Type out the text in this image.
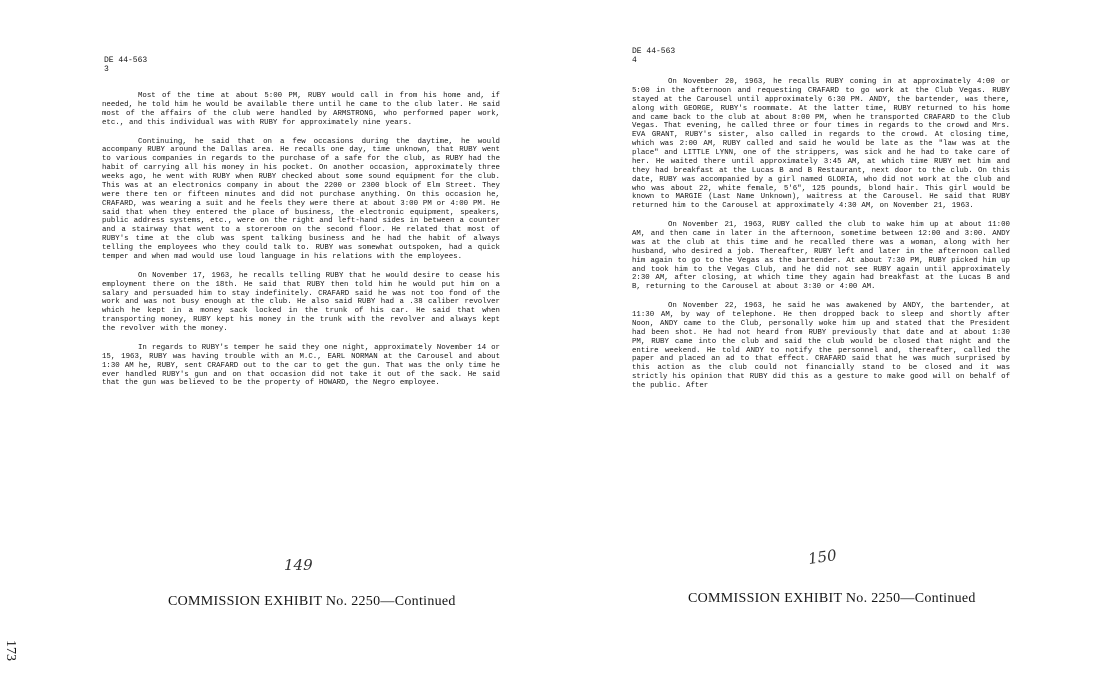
DE 44-563
3

Most of the time at about 5:00 PM, RUBY would call in from his home and, if needed, he told him he would be available there until he came to the club later. He said most of the affairs of the club were handled by ARMSTRONG, who performed paper work, etc., and this individual was with RUBY for approximately nine years.

Continuing, he said that on a few occasions during the daytime, he would accompany RUBY around the Dallas area. He recalls one day, time unknown, that RUBY went to various companies in regards to the purchase of a safe for the club, as RUBY had the habit of carrying all his money in his pocket. On another occasion, approximately three weeks ago, he went with RUBY when RUBY checked about some sound equipment for the club. This was at an electronics company in about the 2200 or 2300 block of Elm Street. They were there ten or fifteen minutes and did not purchase anything. On this occasion he, CRAFARD, was wearing a suit and he feels they were there at about 3:00 PM or 4:00 PM. He said that when they entered the place of business, the electronic equipment, speakers, public address systems, etc., were on the right and left-hand sides in between a counter and a stairway that went to a storeroom on the second floor. He related that most of RUBY's time at the club was spent talking business and he had the habit of always telling the employees who they could talk to. RUBY was somewhat outspoken, had a quick temper and when mad would use loud language in his relations with the employees.

On November 17, 1963, he recalls telling RUBY that he would desire to cease his employment there on the 18th. He said that RUBY then told him he would put him on a salary and persuaded him to stay indefinitely. CRAFARD said he was not too fond of the work and was not busy enough at the club. He also said RUBY had a .38 caliber revolver which he kept in a money sack locked in the trunk of his car. He said that when transporting money, RUBY kept his money in the trunk with the revolver and always kept the revolver with the money.

In regards to RUBY's temper he said they one night, approximately November 14 or 15, 1963, RUBY was having trouble with an M.C., EARL NORMAN at the Carousel and about 1:30 AM he, RUBY, sent CRAFARD out to the car to get the gun. That was the only time he ever handled RUBY's gun and on that occasion did not take it out of the sack. He said that the gun was believed to be the property of HOWARD, the Negro employee.

DE 44-563
4

On November 20, 1963, he recalls RUBY coming in at approximately 4:00 or 5:00 in the afternoon and requesting CRAFARD to go work at the Club Vegas. RUBY stayed at the Carousel until approximately 6:30 PM. ANDY, the bartender, was there, along with GEORGE, RUBY's roommate. At the latter time, RUBY returned to his home and came back to the club at about 8:00 PM, when he transported CRAFARD to the Club Vegas. That evening, he called three or four times in regards to the crowd and Mrs. EVA GRANT, RUBY's sister, also called in regards to the crowd. At closing time, which was 2:00 AM, RUBY called and said he would be late as the "law was at the place" and LITTLE LYNN, one of the strippers, was sick and he had to take care of her. He waited there until approximately 3:45 AM, at which time RUBY met him and they had breakfast at the Lucas B and B Restaurant, next door to the club. On this date, RUBY was accompanied by a girl named GLORIA, who did not work at the club and who was about 22, white female, 5'6", 125 pounds, blond hair. This girl would be known to MARGIE (Last Name Unknown), waitress at the Carousel. He said that RUBY returned him to the Carousel at approximately 4:30 AM, on November 21, 1963.

On November 21, 1963, RUBY called the club to wake him up at about 11:00 AM, and then came in later in the afternoon, sometime between 12:00 and 3:00. ANDY was at the club at this time and he recalled there was a woman, along with her husband, who desired a job. Thereafter, RUBY left and later in the afternoon called him again to go to the Vegas as the bartender. At about 7:30 PM, RUBY picked him up and took him to the Vegas Club, and he did not see RUBY again until approximately 2:30 AM, after closing, at which time they again had breakfast at the Lucas B and B, returning to the Carousel at about 3:30 or 4:00 AM.

On November 22, 1963, he said he was awakened by ANDY, the bartender, at 11:30 AM, by way of telephone. He then dropped back to sleep and shortly after Noon, ANDY came to the Club, personally woke him up and stated that the President had been shot. He had not heard from RUBY previously that date and at about 1:30 PM, RUBY came into the club and said the club would be closed that night and the entire weekend. He told ANDY to notify the personnel and, thereafter, called the paper and placed an ad to that effect. CRAFARD said that he was much surprised by this action as the club could not financially stand to be closed and it was strictly his opinion that RUBY did this as a gesture to make good will on behalf of the public. After

149	150
COMMISSION EXHIBIT No. 2250—Continued	COMMISSION EXHIBIT No. 2250—Continued
173
